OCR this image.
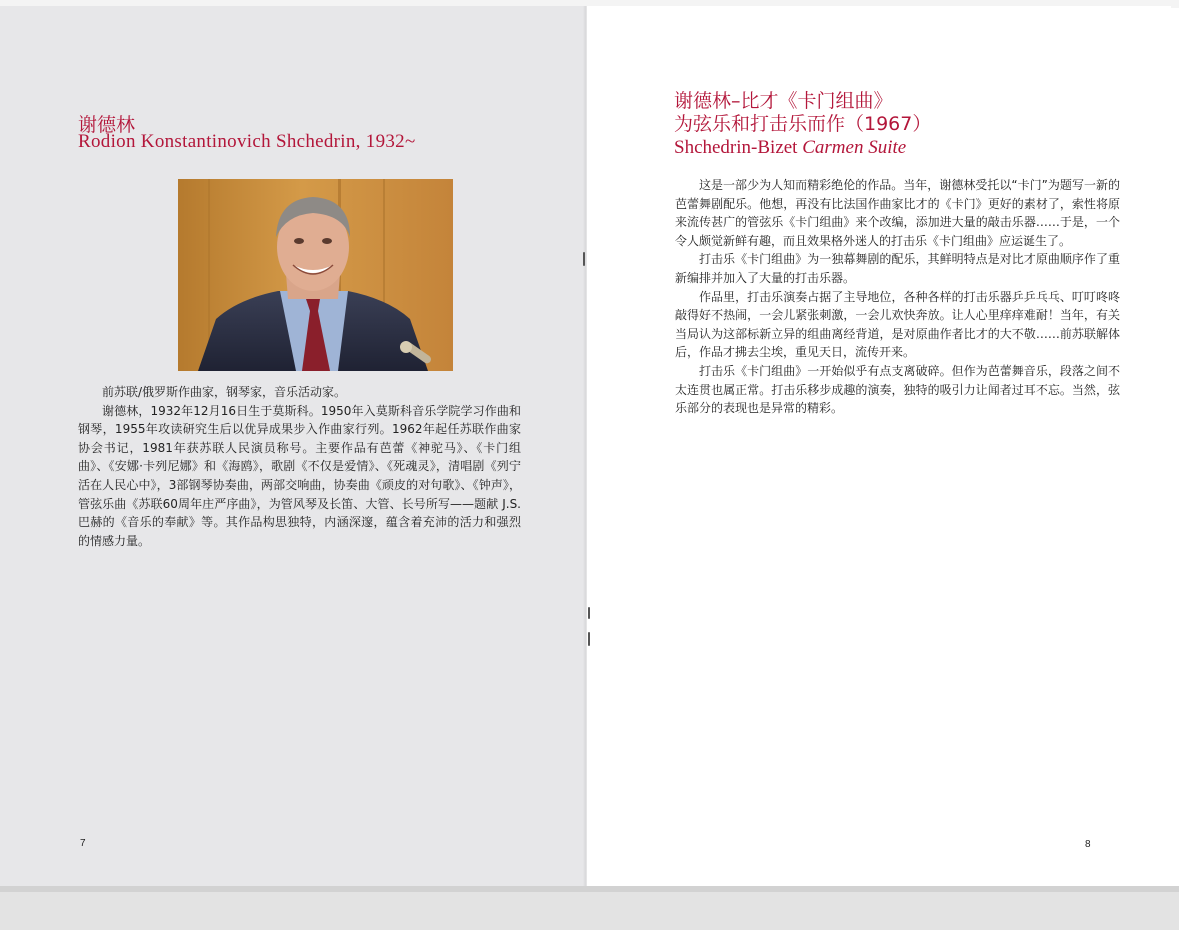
谢德林
Rodion Konstantinovich Shchedrin, 1932~

前苏联/俄罗斯作曲家，钢琴家，音乐活动家。

谢德林，1932年12月16日生于莫斯科。1950年入莫斯科音乐学院学习作曲和钢琴，1955年攻读研究生后以优异成果步入作曲家行列。1962年起任苏联作曲家协会书记，1981年获苏联人民演员称号。主要作品有芭蕾《神驼马》、《卡门组曲》、《安娜·卡列尼娜》和《海鸥》，歌剧《不仅是爱情》、《死魂灵》，清唱剧《列宁活在人民心中》，3部钢琴协奏曲，两部交响曲，协奏曲《顽皮的对句歌》、《钟声》，管弦乐曲《苏联60周年庄严序曲》，为管风琴及长笛、大管、长号所写——题献 J.S.巴赫的《音乐的奉献》等。其作品构思独特，内涵深邃，蕴含着充沛的活力和强烈的情感力量。

7
谢德林–比才《卡门组曲》
为弦乐和打击乐而作（1967）
Shchedrin-Bizet Carmen Suite

这是一部少为人知而精彩绝伦的作品。当年，谢德林受托以“卡门”为题写一新的芭蕾舞剧配乐。他想，再没有比法国作曲家比才的《卡门》更好的素材了，索性将原来流传甚广的管弦乐《卡门组曲》来个改编，添加进大量的敲击乐器……于是，一个令人颇觉新鲜有趣，而且效果格外迷人的打击乐《卡门组曲》应运诞生了。

打击乐《卡门组曲》为一独幕舞剧的配乐，其鲜明特点是对比才原曲顺序作了重新编排并加入了大量的打击乐器。

作品里，打击乐演奏占据了主导地位，各种各样的打击乐器乒乒乓乓、叮叮咚咚敲得好不热闹，一会儿紧张刺激，一会儿欢快奔放。让人心里痒痒难耐！当年，有关当局认为这部标新立异的组曲离经背道，是对原曲作者比才的大不敬……前苏联解体后，作品才拂去尘埃，重见天日，流传开来。

打击乐《卡门组曲》一开始似乎有点支离破碎。但作为芭蕾舞音乐，段落之间不太连贯也属正常。打击乐移步成趣的演奏，独特的吸引力让闻者过耳不忘。当然，弦乐部分的表现也是异常的精彩。

8
